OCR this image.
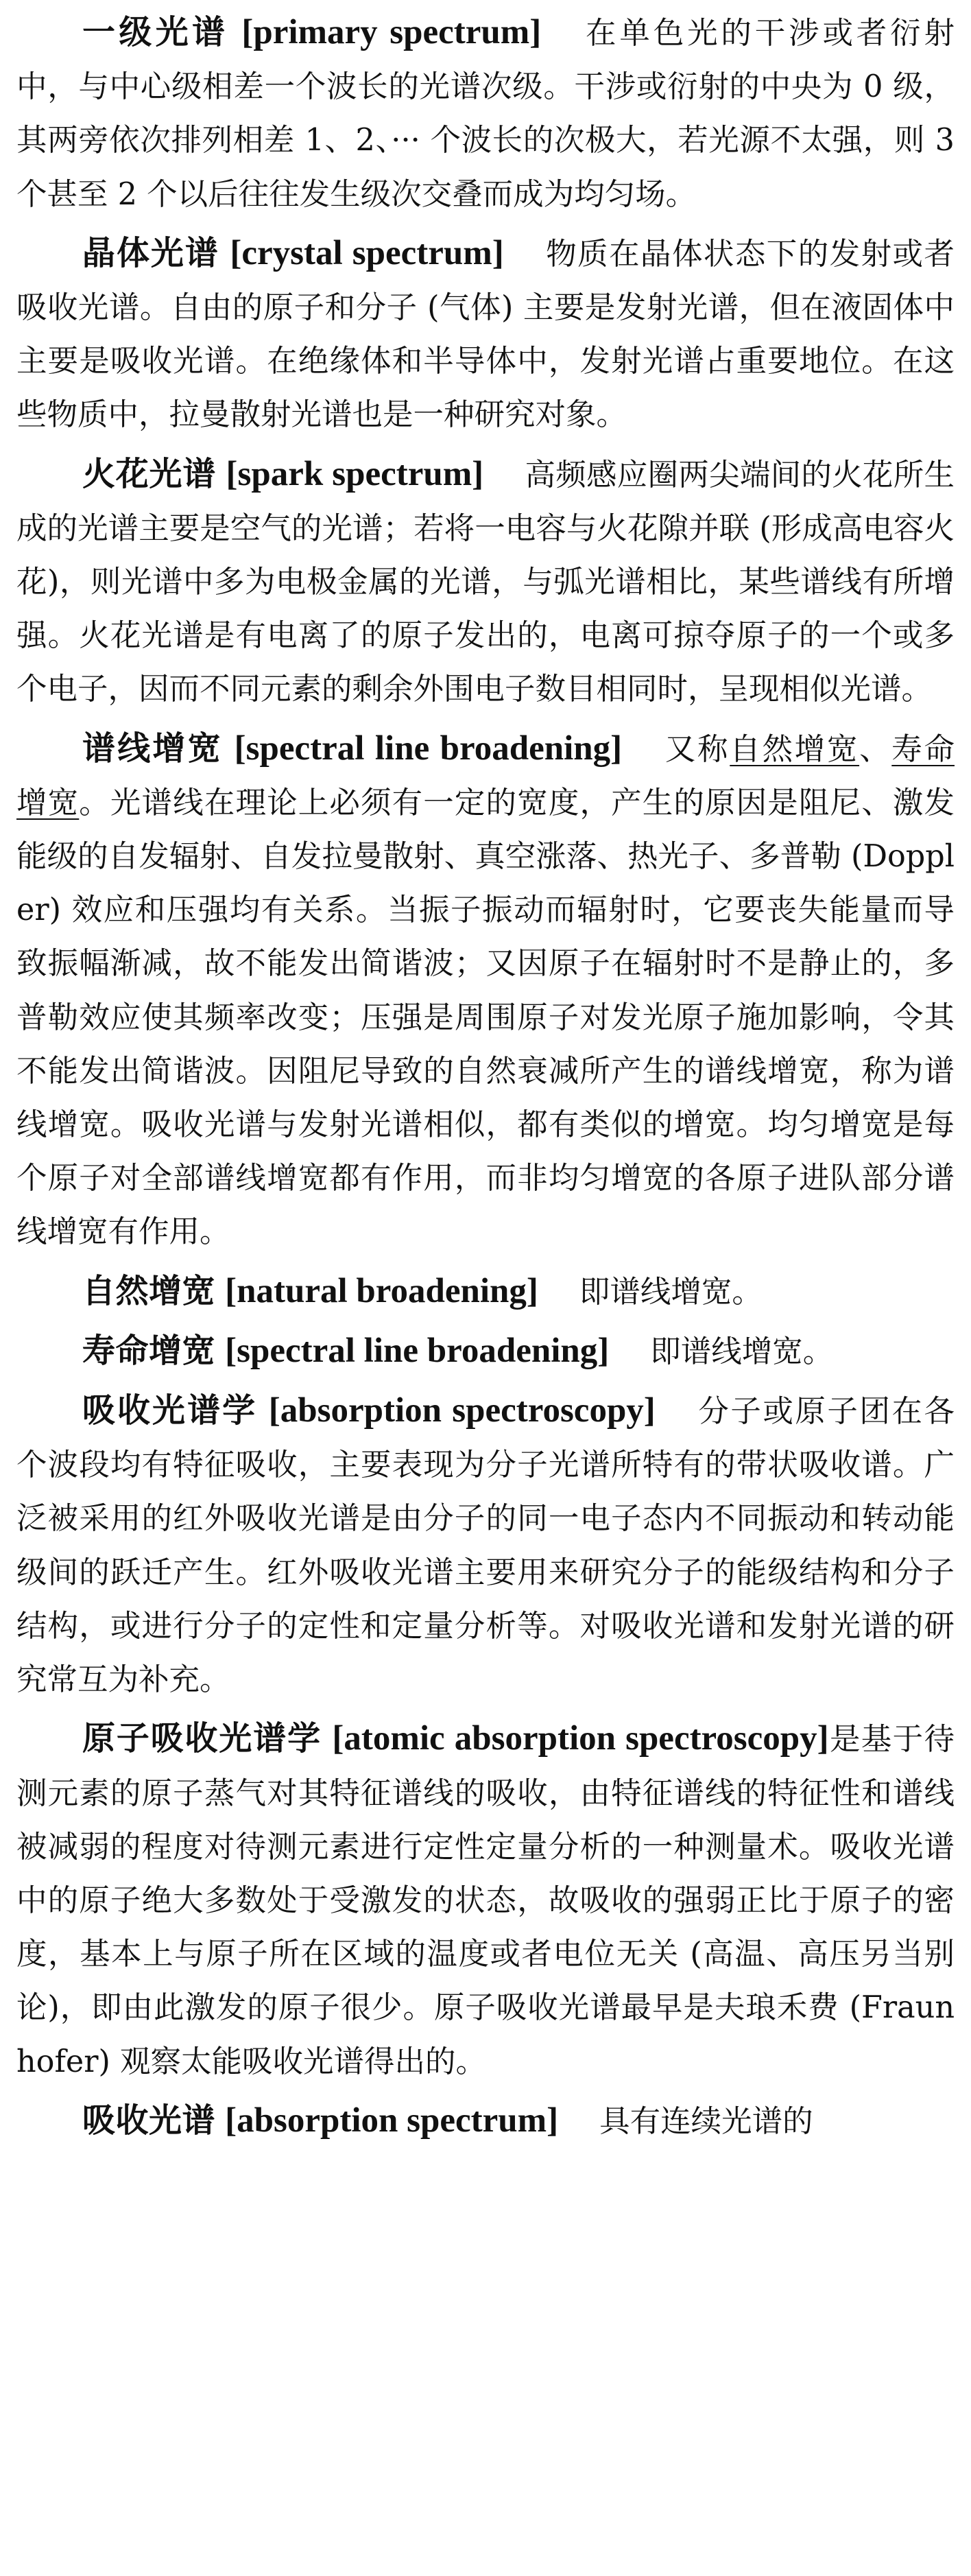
一级光谱 [primary spectrum] 在单色光的干涉或者衍射中，与中心级相差一个波长的光谱次级。干涉或衍射的中央为 0 级，其两旁依次排列相差 1、2、··· 个波长的次极大，若光源不太强，则 3 个甚至 2 个以后往往发生级次交叠而成为均匀场。

晶体光谱 [crystal spectrum] 物质在晶体状态下的发射或者吸收光谱。自由的原子和分子 (气体) 主要是发射光谱，但在液固体中主要是吸收光谱。在绝缘体和半导体中，发射光谱占重要地位。在这些物质中，拉曼散射光谱也是一种研究对象。

火花光谱 [spark spectrum] 高频感应圈两尖端间的火花所生成的光谱主要是空气的光谱；若将一电容与火花隙并联 (形成高电容火花)，则光谱中多为电极金属的光谱，与弧光谱相比，某些谱线有所增强。火花光谱是有电离了的原子发出的，电离可掠夺原子的一个或多个电子，因而不同元素的剩余外围电子数目相同时，呈现相似光谱。

谱线增宽 [spectral line broadening] 又称自然增宽、寿命增宽。光谱线在理论上必须有一定的宽度，产生的原因是阻尼、激发能级的自发辐射、自发拉曼散射、真空涨落、热光子、多普勒 (Doppler) 效应和压强均有关系。当振子振动而辐射时，它要丧失能量而导致振幅渐减，故不能发出简谐波；又因原子在辐射时不是静止的，多普勒效应使其频率改变；压强是周围原子对发光原子施加影响，令其不能发出简谐波。因阻尼导致的自然衰减所产生的谱线增宽，称为谱线增宽。吸收光谱与发射光谱相似，都有类似的增宽。均匀增宽是每个原子对全部谱线增宽都有作用，而非均匀增宽的各原子进队部分谱线增宽有作用。

自然增宽 [natural broadening] 即谱线增宽。

寿命增宽 [spectral line broadening] 即谱线增宽。

吸收光谱学 [absorption spectroscopy] 分子或原子团在各个波段均有特征吸收，主要表现为分子光谱所特有的带状吸收谱。广泛被采用的红外吸收光谱是由分子的同一电子态内不同振动和转动能级间的跃迁产生。红外吸收光谱主要用来研究分子的能级结构和分子结构，或进行分子的定性和定量分析等。对吸收光谱和发射光谱的研究常互为补充。

原子吸收光谱学 [atomic absorption spectroscopy]是基于待测元素的原子蒸气对其特征谱线的吸收，由特征谱线的特征性和谱线被减弱的程度对待测元素进行定性定量分析的一种测量术。吸收光谱中的原子绝大多数处于受激发的状态，故吸收的强弱正比于原子的密度，基本上与原子所在区域的温度或者电位无关 (高温、高压另当别论)，即由此激发的原子很少。原子吸收光谱最早是夫琅禾费 (Fraunhofer) 观察太能吸收光谱得出的。

吸收光谱 [absorption spectrum] 具有连续光谱的
